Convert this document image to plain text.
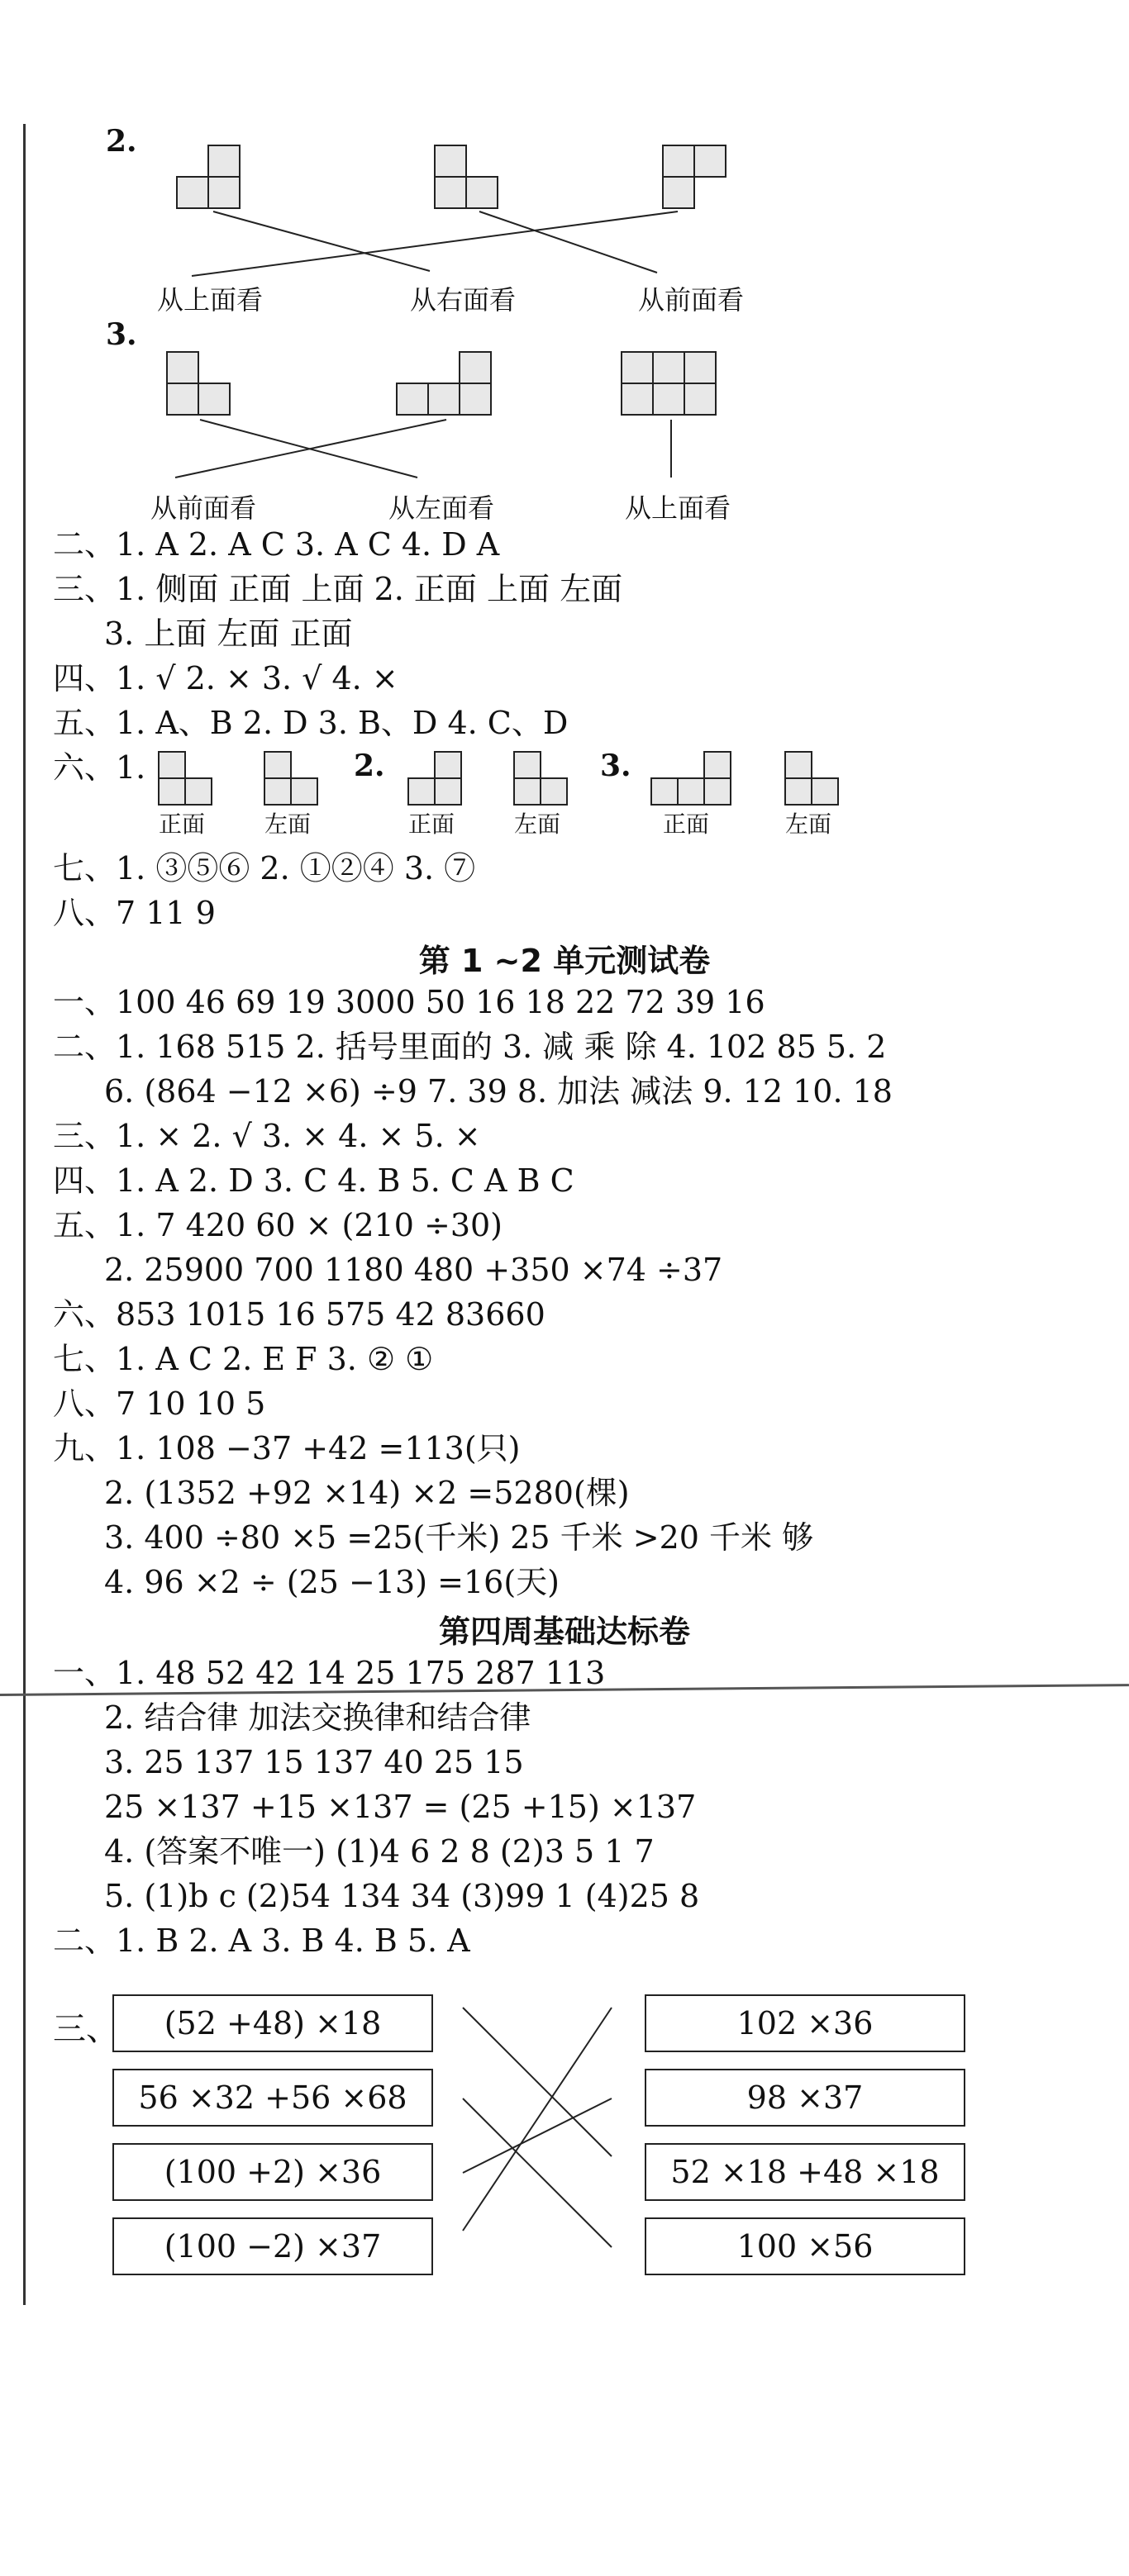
2.
3.
从上面看	从右面看	从前面看
从前面看	从左面看	从上面看
二、1. A 2. A C 3. A C 4. D A
三、1. 侧面 正面 上面 2. 正面 上面 左面
3. 上面 左面 正面
四、1. √ 2. × 3. √ 4. ×
五、1. A、B 2. D 3. B、D 4. C、D
六、1.	2.	3.
正面	左面	正面	左面	正面	左面
七、1. ③⑤⑥ 2. ①②④ 3. ⑦
八、7 11 9
第 1 ~2 单元测试卷
一、100 46 69 19 3000 50 16 18 22 72 39 16
二、1. 168 515 2. 括号里面的 3. 减 乘 除 4. 102 85 5. 2
6. (864 −12 ×6) ÷9 7. 39 8. 加法 减法 9. 12 10. 18
三、1. × 2. √ 3. × 4. × 5. ×
四、1. A 2. D 3. C 4. B 5. C A B C
五、1. 7 420 60 × (210 ÷30)
2. 25900 700 1180 480 +350 ×74 ÷37
六、853 1015 16 575 42 83660
七、1. A C 2. E F 3. ② ①
八、7 10 10 5
九、1. 108 −37 +42 =113(只)
2. (1352 +92 ×14) ×2 =5280(棵)
3. 400 ÷80 ×5 =25(千米) 25 千米 >20 千米 够
4. 96 ×2 ÷ (25 −13) =16(天)
第四周基础达标卷
一、1. 48 52 42 14 25 175 287 113
2. 结合律 加法交换律和结合律
3. 25 137 15 137 40 25 15
25 ×137 +15 ×137 = (25 +15) ×137
4. (答案不唯一) (1)4 6 2 8 (2)3 5 1 7
5. (1)b c (2)54 134 34 (3)99 1 (4)25 8
二、1. B 2. A 3. B 4. B 5. A
三、	(52 +48) ×18
56 ×32 +56 ×68
(100 +2) ×36
(100 −2) ×37
102 ×36
98 ×37
52 ×18 +48 ×18
100 ×56
